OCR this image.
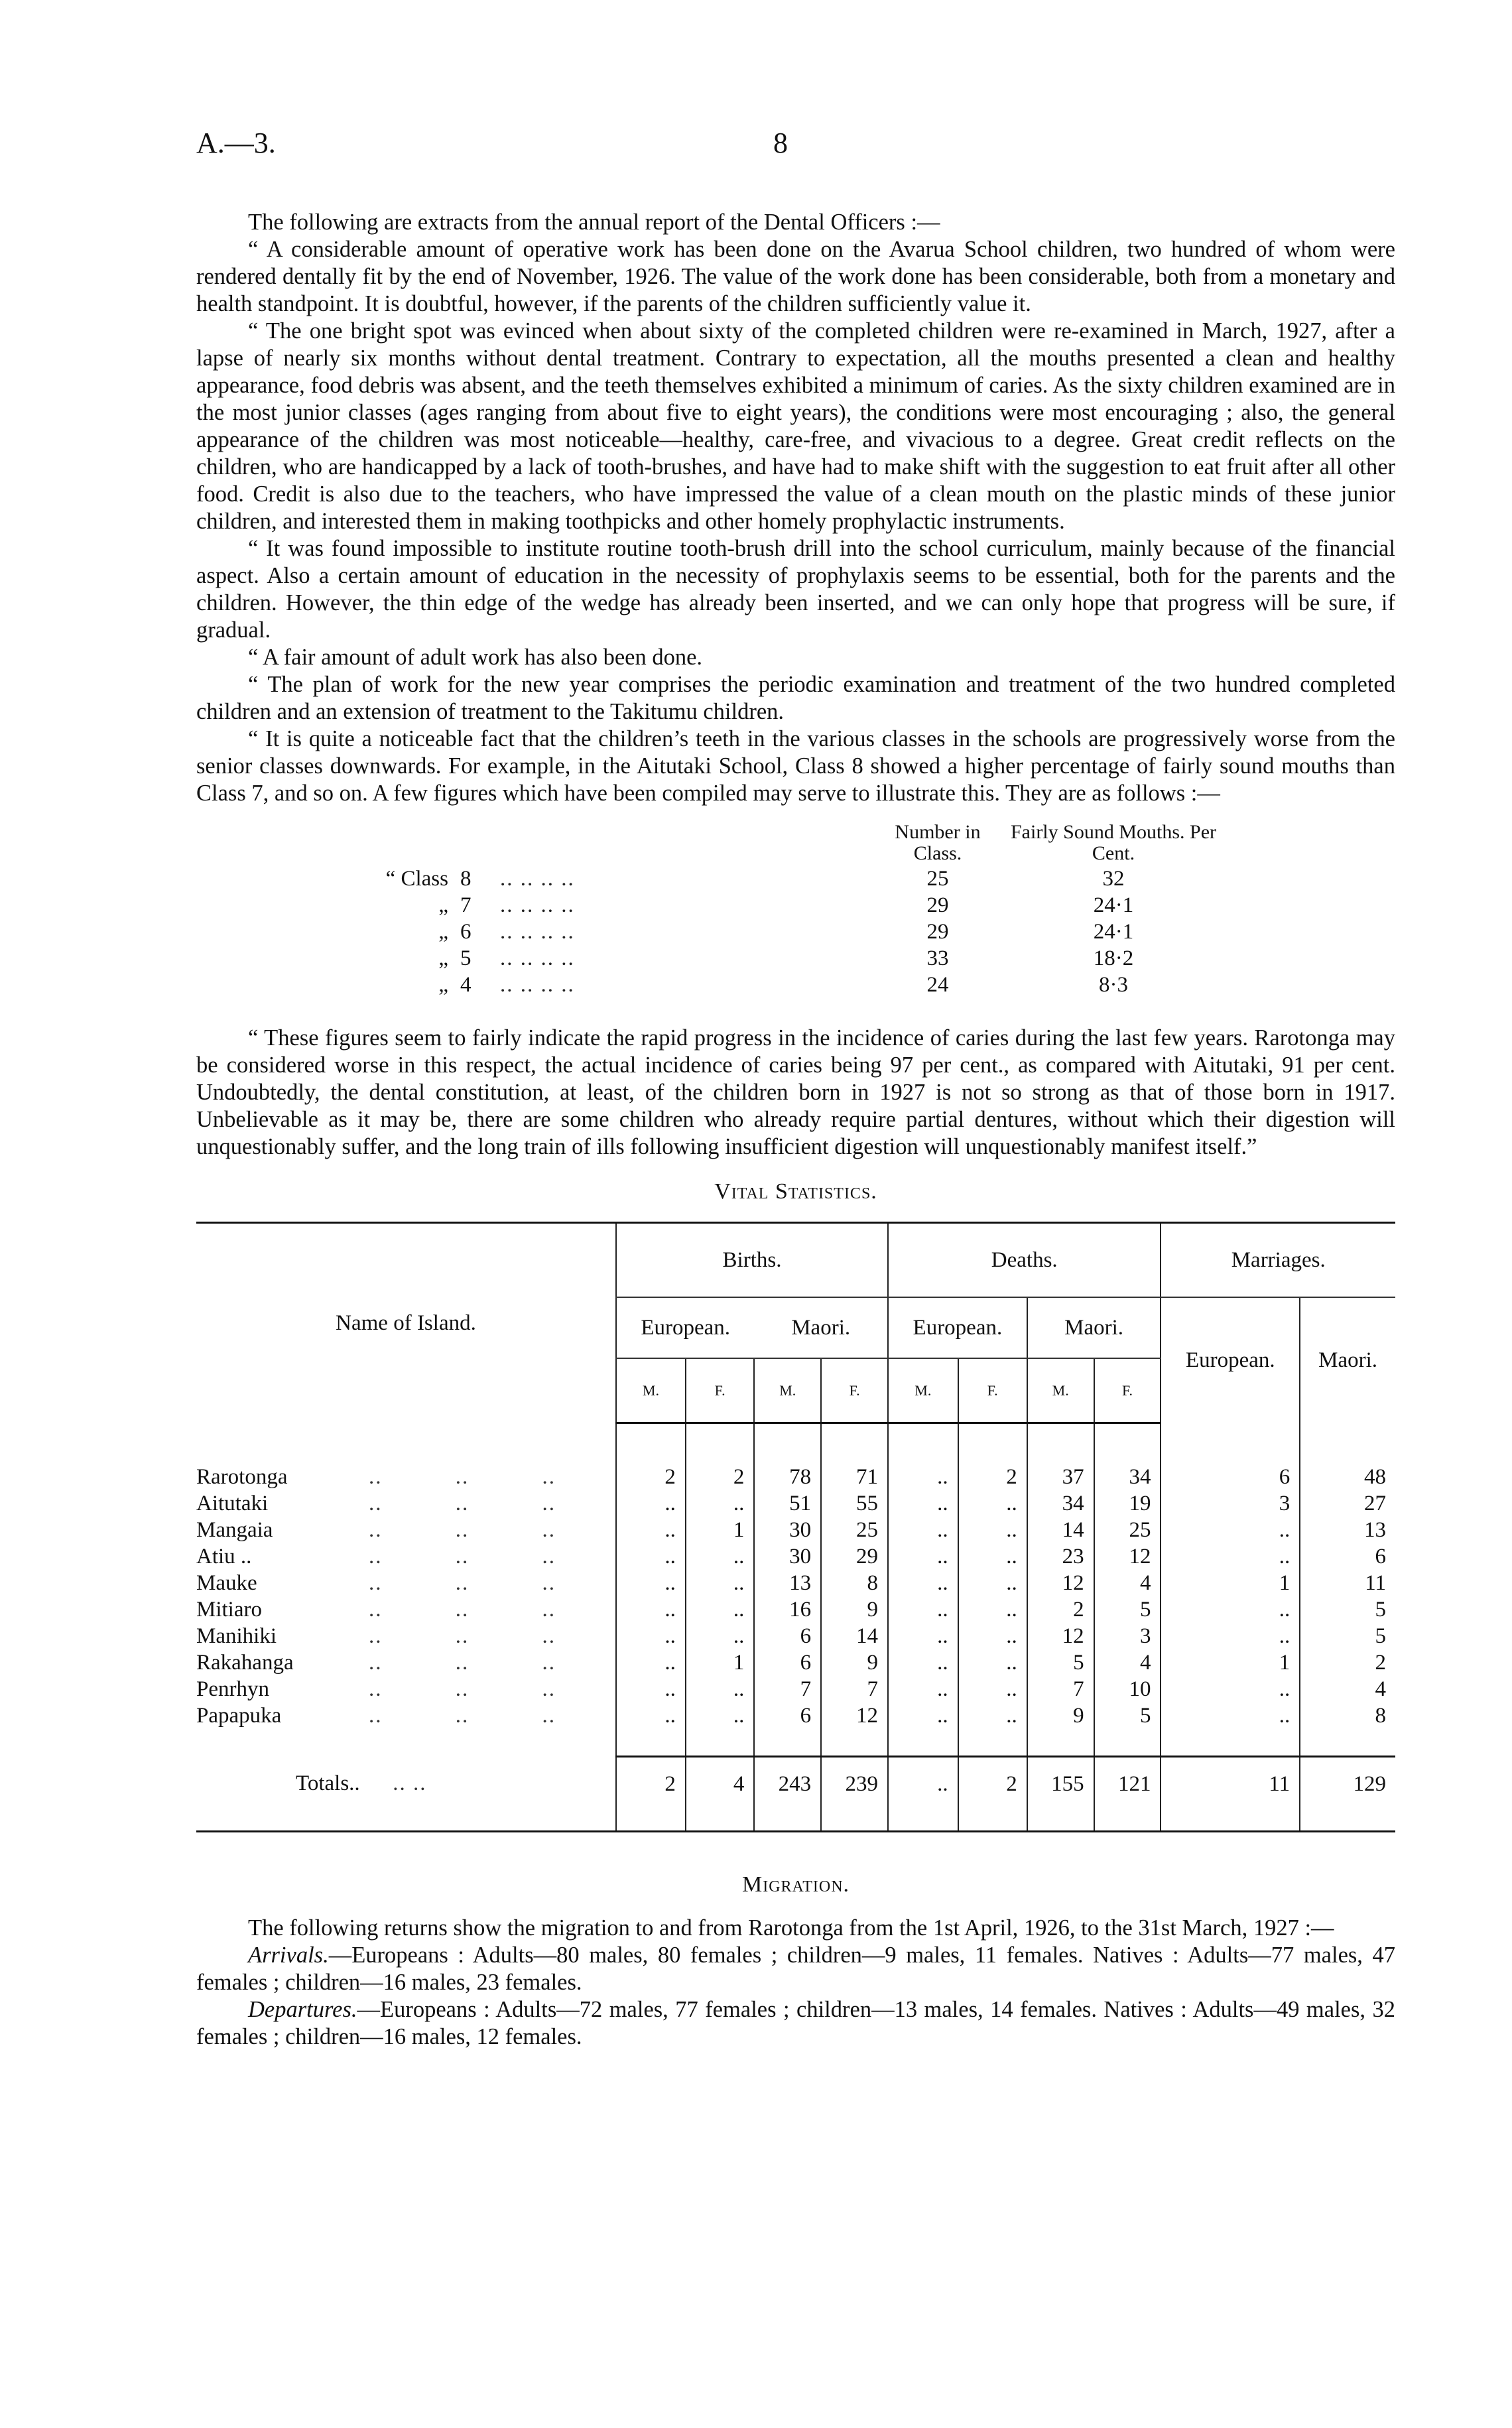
A.—3.	8

The following are extracts from the annual report of the Dental Officers :—

“ A considerable amount of operative work has been done on the Avarua School children, two hundred of whom were rendered dentally fit by the end of November, 1926. The value of the work done has been considerable, both from a monetary and health standpoint. It is doubtful, however, if the parents of the children sufficiently value it.

“ The one bright spot was evinced when about sixty of the completed children were re-examined in March, 1927, after a lapse of nearly six months without dental treatment. Contrary to expectation, all the mouths presented a clean and healthy appearance, food debris was absent, and the teeth themselves exhibited a minimum of caries. As the sixty children examined are in the most junior classes (ages ranging from about five to eight years), the conditions were most encouraging ; also, the general appearance of the children was most noticeable—healthy, care-free, and vivacious to a degree. Great credit reflects on the children, who are handicapped by a lack of tooth-brushes, and have had to make shift with the suggestion to eat fruit after all other food. Credit is also due to the teachers, who have impressed the value of a clean mouth on the plastic minds of these junior children, and interested them in making toothpicks and other homely prophylactic instruments.

“ It was found impossible to institute routine tooth-brush drill into the school curriculum, mainly because of the financial aspect. Also a certain amount of education in the necessity of prophylaxis seems to be essential, both for the parents and the children. However, the thin edge of the wedge has already been inserted, and we can only hope that progress will be sure, if gradual.

“ A fair amount of adult work has also been done.

“ The plan of work for the new year comprises the periodic examination and treatment of the two hundred completed children and an extension of treatment to the Takitumu children.

“ It is quite a noticeable fact that the children’s teeth in the various classes in the schools are progressively worse from the senior classes downwards. For example, in the Aitutaki School, Class 8 showed a higher percentage of fairly sound mouths than Class 7, and so on. A few figures which have been compiled may serve to illustrate this. They are as follows :—

Number in Class.
Fairly Sound Mouths. Per Cent.
“ Class 8	.. .. .. ..	25	32
„ 7	.. .. .. ..	29	24·1
„ 6	.. .. .. ..	29	24·1
„ 5	.. .. .. ..	33	18·2
„ 4	.. .. .. ..	24	8·3

“ These figures seem to fairly indicate the rapid progress in the incidence of caries during the last few years. Rarotonga may be considered worse in this respect, the actual incidence of caries being 97 per cent., as compared with Aitutaki, 91 per cent. Undoubtedly, the dental constitution, at least, of the children born in 1927 is not so strong as that of those born in 1917. Unbelievable as it may be, there are some children who already require partial dentures, without which their digestion will unquestionably suffer, and the long train of ills following insufficient digestion will unquestionably manifest itself.”

Vital Statistics.
Name of Island.	Births.				Deaths.				Marriages.	
	European.		Maori.		European.		Maori.		European.	Maori.
	M.	F.	M.	F.	M.	F.	M.	F.		

Rarotonga .. .. ..	2	2	78	71	..	2	37	34	6	48
Aitutaki .. .. ..	..	..	51	55	..	..	34	19	3	27
Mangaia .. .. ..	..	1	30	25	..	..	14	25	..	13
Atiu .. .. .. ..	..	..	30	29	..	..	23	12	..	6
Mauke .. .. ..	..	..	13	8	..	..	12	4	1	11
Mitiaro .. .. ..	..	..	16	9	..	..	2	5	..	5
Manihiki .. .. ..	..	..	6	14	..	..	12	3	..	5
Rakahanga .. .. ..	..	1	6	9	..	..	5	4	1	2
Penrhyn .. .. ..	..	..	7	7	..	..	7	10	..	4
Papapuka .. .. ..	..	..	6	12	..	..	9	5	..	8

Totals.. .. ..	2	4	243	239	..	2	155	121	11	129

Migration.

The following returns show the migration to and from Rarotonga from the 1st April, 1926, to the 31st March, 1927 :—

Arrivals.—Europeans : Adults—80 males, 80 females ; children—9 males, 11 females. Natives : Adults—77 males, 47 females ; children—16 males, 23 females.

Departures.—Europeans : Adults—72 males, 77 females ; children—13 males, 14 females. Natives : Adults—49 males, 32 females ; children—16 males, 12 females.
